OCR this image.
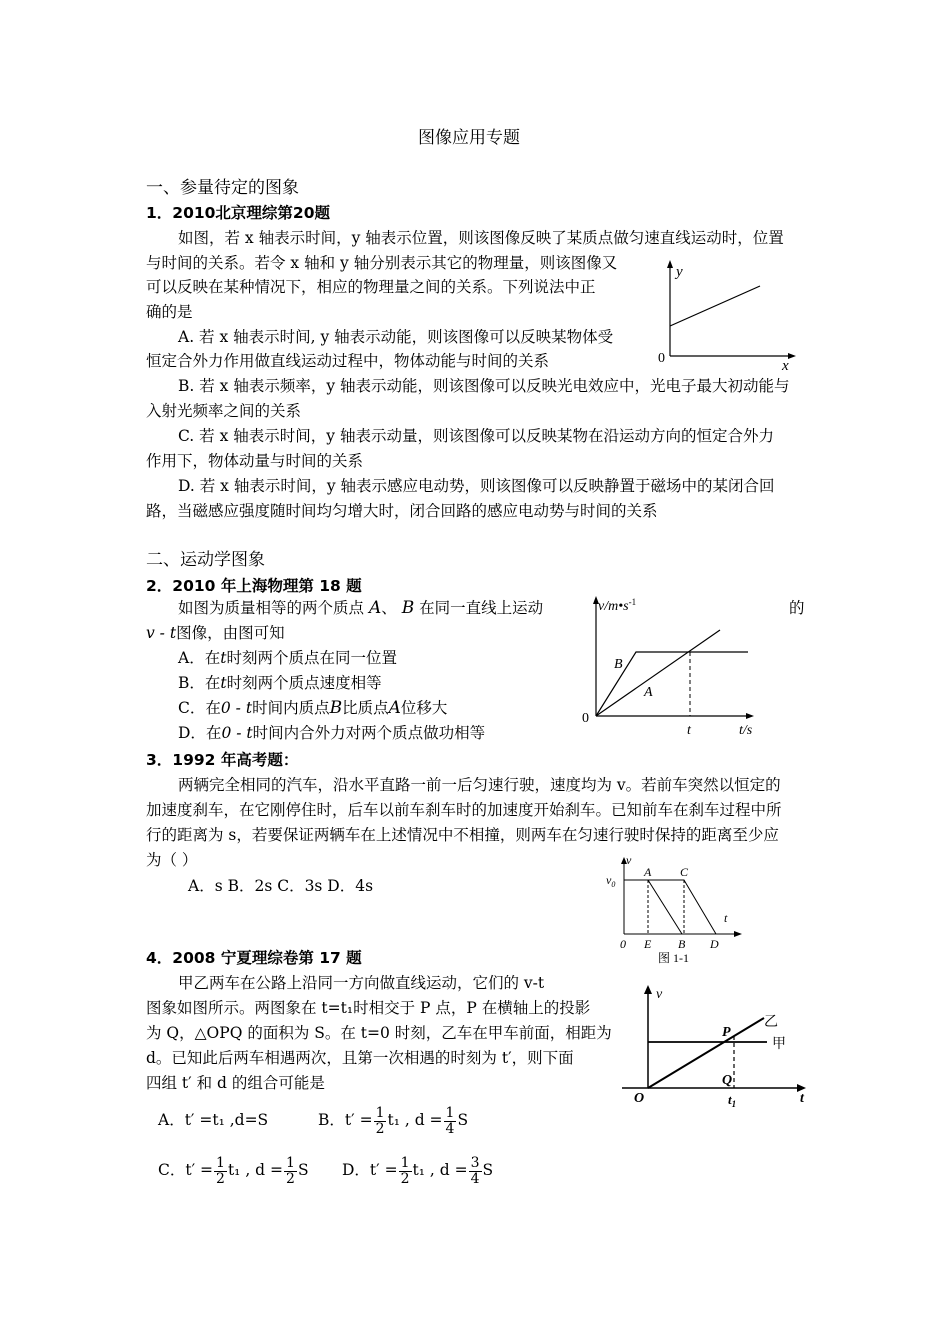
图像应用专题
一、参量待定的图象
1．2010北京理综第20题
如图，若 x 轴表示时间，y 轴表示位置，则该图像反映了某质点做匀速直线运动时，位置
与时间的关系。若令 x 轴和 y 轴分别表示其它的物理量，则该图像又
可以反映在某种情况下，相应的物理量之间的关系。下列说法中正
确的是
A. 若 x 轴表示时间, y 轴表示动能，则该图像可以反映某物体受
恒定合外力作用做直线运动过程中，物体动能与时间的关系
B. 若 x 轴表示频率，y 轴表示动能，则该图像可以反映光电效应中，光电子最大初动能与
入射光频率之间的关系
C. 若 x 轴表示时间，y 轴表示动量，则该图像可以反映某物在沿运动方向的恒定合外力
作用下，物体动量与时间的关系
D. 若 x 轴表示时间，y 轴表示感应电动势，则该图像可以反映静置于磁场中的某闭合回
路，当磁感应强度随时间均匀增大时，闭合回路的感应电动势与时间的关系
y
x
0
二、运动学图象
2．2010 年上海物理第 18 题
如图为质量相等的两个质点 A、 B 在同一直线上运动	的
v - t图像，由图可知
A．在t时刻两个质点在同一位置
B．在t时刻两个质点速度相等
C．在0 - t时间内质点B比质点A位移大
D．在0 - t时间内合外力对两个质点做功相等
$v/m•s^{-1}$
t/s
0
B
A
t
3．1992 年高考题：
两辆完全相同的汽车，沿水平直路一前一后匀速行驶，速度均为 v。若前车突然以恒定的
加速度刹车，在它刚停住时，后车以前车刹车时的加速度开始刹车。已知前车在刹车过程中所
行的距离为 s，若要保证两辆车在上述情况中不相撞，则两车在匀速行驶时保持的距离至少应
为（ ）
A．s B．2s C．3s D．4s
v
$v_0$
A C
t
0 E B D
图 1-1
4．2008 宁夏理综卷第 17 题
甲乙两车在公路上沿同一方向做直线运动，它们的 v-t
图象如图所示。两图象在 t=t₁时相交于 P 点，P 在横轴上的投影
为 Q，△OPQ 的面积为 S。在 t=0 时刻，乙车在甲车前面，相距为
d。已知此后两车相遇两次，且第一次相遇的时刻为 t′，则下面
四组 t′ 和 d 的组合可能是
A．t′ =t₁ ,d=S	B．$t' = \frac{1}{2} t_1$ , $d = \frac{1}{4}$ S
C．$t' = \frac{1}{2} t_1$ , $d = \frac{1}{2}$ S D．$t' = \frac{1}{2} t_1$ , $d = \frac{3}{4}$ S
v
乙
甲
P
Q
O	$t_1$	t
